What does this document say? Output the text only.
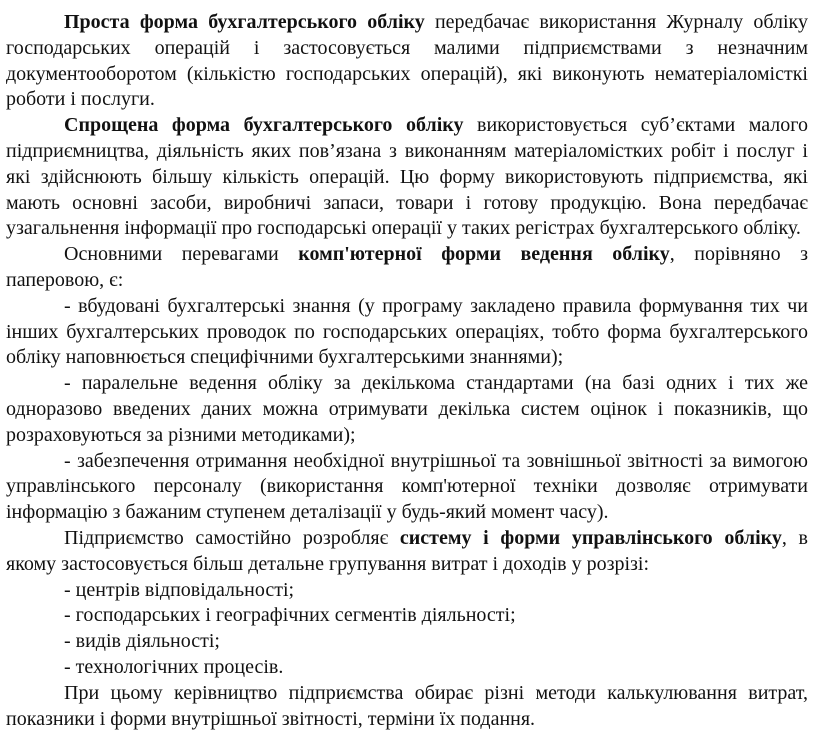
Проста форма бухгалтерського обліку передбачає використання Журналу обліку господарських операцій і застосовується малими підприємствами з незначним документооборотом (кількістю господарських операцій), які виконують нематеріаломісткі роботи і послуги.

Спрощена форма бухгалтерського обліку використовується суб’єктами малого підприємництва, діяльність яких пов’язана з виконанням матеріаломістких робіт і послуг і які здійснюють більшу кількість операцій. Цю форму використовують підприємства, які мають основні засоби, виробничі запаси, товари і готову продукцію. Вона передбачає узагальнення інформації про господарські операції у таких регістрах бухгалтерського обліку.

Основними перевагами комп'ютерної форми ведення обліку, порівняно з паперовою, є:

- вбудовані бухгалтерські знання (у програму закладено правила формування тих чи інших бухгалтерських проводок по господарських операціях, тобто форма бухгалтерського обліку наповнюється специфічними бухгалтерськими знаннями);

- паралельне ведення обліку за декількома стандартами (на базі одних і тих же одноразово введених даних можна отримувати декілька систем оцінок і показників, що розраховуються за різними методиками);

- забезпечення отримання необхідної внутрішньої та зовнішньої звітності за вимогою управлінського персоналу (використання комп'ютерної техніки дозволяє отримувати інформацію з бажаним ступенем деталізації у будь-який момент часу).

Підприємство самостійно розробляє систему і форми управлінського обліку, в якому застосовується більш детальне групування витрат і доходів у розрізі:

- центрів відповідальності;

- господарських і географічних сегментів діяльності;

- видів діяльності;

- технологічних процесів.

При цьому керівництво підприємства обирає різні методи калькулювання витрат, показники і форми внутрішньої звітності, терміни їх подання.
